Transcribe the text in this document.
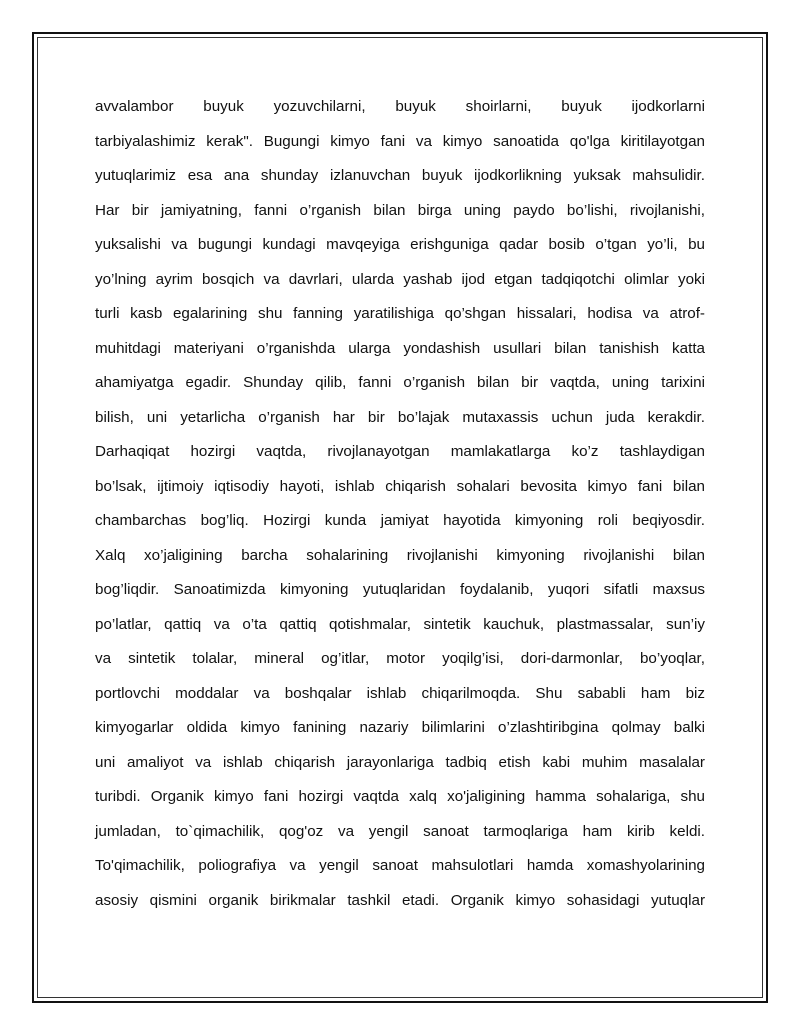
avvalambor buyuk yozuvchilarni, buyuk shoirlarni, buyuk ijodkorlarni
tarbiyalashimiz kerak". Bugungi kimyo fani va kimyo sanoatida qo'lga kiritilayotgan
yutuqlarimiz esa ana shunday izlanuvchan buyuk ijodkorlikning yuksak mahsulidir.
Har bir jamiyatning, fanni o’rganish bilan birga uning paydo bo’lishi, rivojlanishi,
yuksalishi va bugungi kundagi mavqeyiga erishguniga qadar bosib o’tgan yo’li, bu
yo’lning ayrim bosqich va davrlari, ularda yashab ijod etgan tadqiqotchi olimlar yoki
turli kasb egalarining shu fanning yaratilishiga qo’shgan hissalari, hodisa va atrof-
muhitdagi materiyani o’rganishda ularga yondashish usullari bilan tanishish katta
ahamiyatga egadir. Shunday qilib, fanni o’rganish bilan bir vaqtda, uning tarixini
bilish, uni yetarlicha o’rganish har bir bo’lajak mutaxassis uchun juda kerakdir.
Darhaqiqat hozirgi vaqtda, rivojlanayotgan mamlakatlarga ko’z tashlaydigan
bo’lsak, ijtimoiy iqtisodiy hayoti, ishlab chiqarish sohalari bevosita kimyo fani bilan
chambarchas bog’liq. Hozirgi kunda jamiyat hayotida kimyoning roli beqiyosdir.
Xalq xo’jaligining barcha sohalarining rivojlanishi kimyoning rivojlanishi bilan
bog’liqdir. Sanoatimizda kimyoning yutuqlaridan foydalanib, yuqori sifatli maxsus
po’latlar, qattiq va o’ta qattiq qotishmalar, sintetik kauchuk, plastmassalar, sun’iy
va sintetik tolalar, mineral og’itlar, motor yoqilg’isi, dori-darmonlar, bo’yoqlar,
portlovchi moddalar va boshqalar ishlab chiqarilmoqda. Shu sababli ham biz
kimyogarlar oldida kimyo fanining nazariy bilimlarini o’zlashtiribgina qolmay balki
uni amaliyot va ishlab chiqarish jarayonlariga tadbiq etish kabi muhim masalalar
turibdi. Organik kimyo fani hozirgi vaqtda xalq xo'jaligining hamma sohalariga, shu
jumladan, to`qimachilik, qog'oz va yengil sanoat tarmoqlariga ham kirib keldi.
To'qimachilik, poliografiya va yengil sanoat mahsulotlari hamda xomashyolarining
asosiy qismini organik birikmalar tashkil etadi. Organik kimyo sohasidagi yutuqlar
